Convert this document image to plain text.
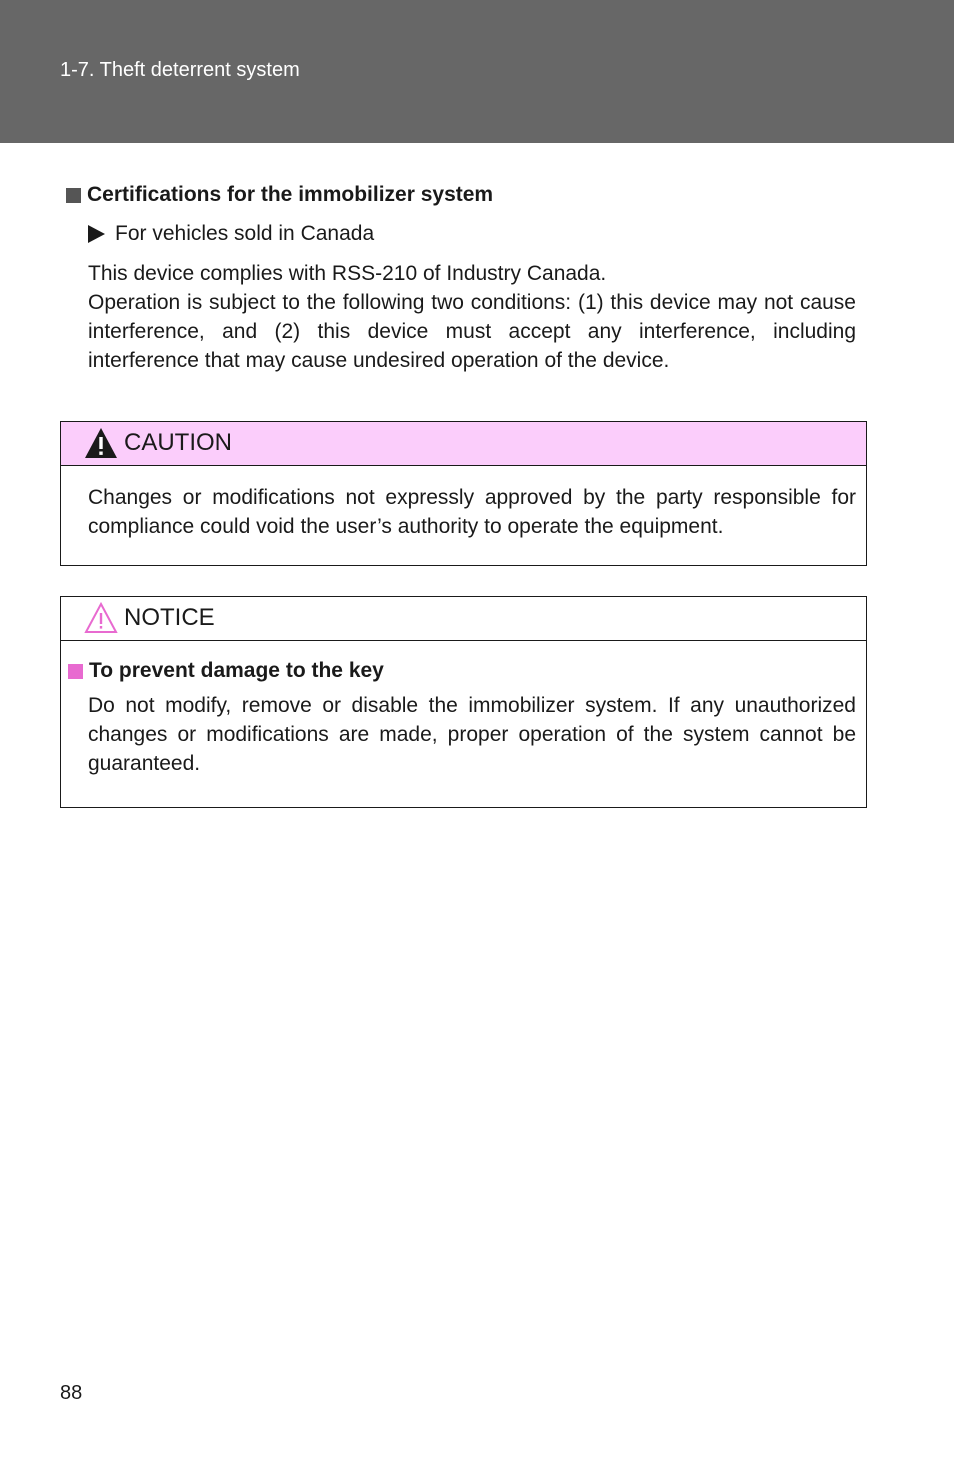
1-7. Theft deterrent system
Certifications for the immobilizer system
For vehicles sold in Canada

This device complies with RSS-210 of Industry Canada.

Operation is subject to the following two conditions: (1) this device may not cause interference, and (2) this device must accept any interference, including interference that may cause undesired operation of the device.

CAUTION

Changes or modifications not expressly approved by the party responsible for compliance could void the user’s authority to operate the equipment.

NOTICE
To prevent damage to the key

Do not modify, remove or disable the immobilizer system. If any unauthorized changes or modifications are made, proper operation of the system cannot be guaranteed.

88
